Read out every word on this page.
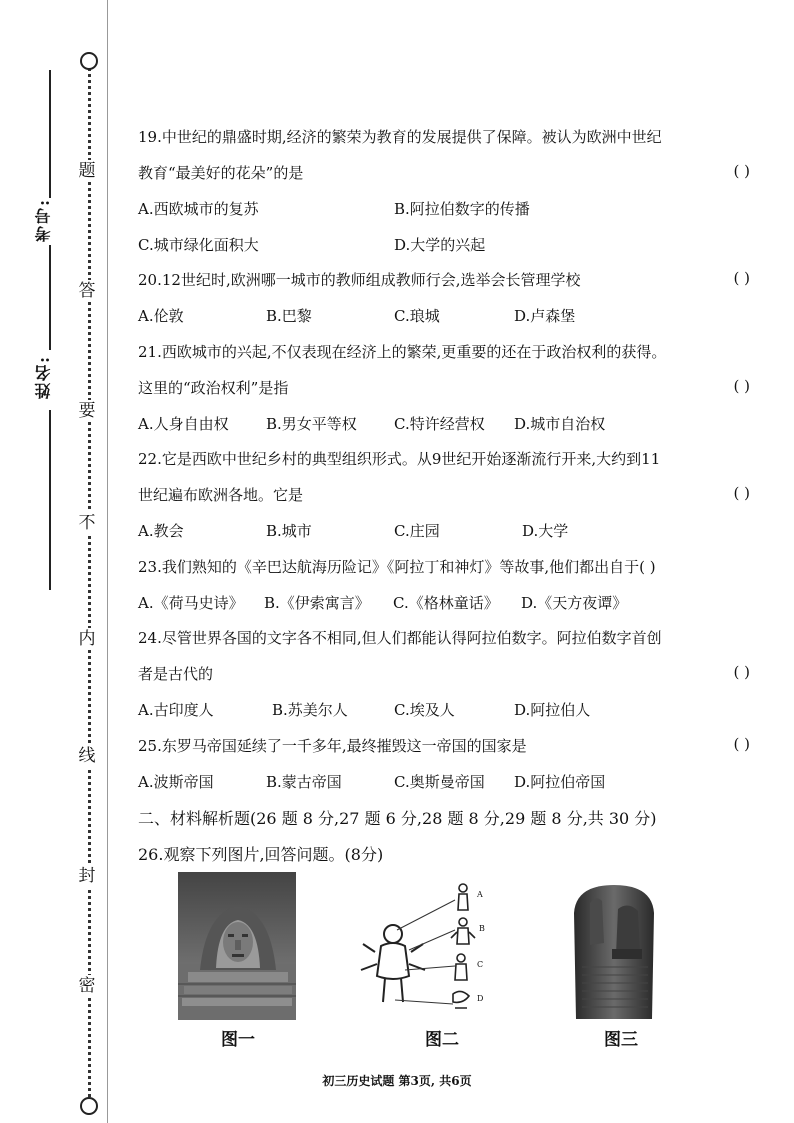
题
答
要
不
内
线
封
密
考号:
姓名:
19.中世纪的鼎盛时期,经济的繁荣为教育的发展提供了保障。被认为欧洲中世纪
教育“最美好的花朵”的是	( )
A.西欧城市的复苏	B.阿拉伯数字的传播
C.城市绿化面积大	D.大学的兴起
20.12世纪时,欧洲哪一城市的教师组成教师行会,选举会长管理学校	( )
A.伦敦	B.巴黎	C.琅城	D.卢森堡
21.西欧城市的兴起,不仅表现在经济上的繁荣,更重要的还在于政治权利的获得。
这里的“政治权利”是指	( )
A.人身自由权 B.男女平等权 C.特许经营权 D.城市自治权
22.它是西欧中世纪乡村的典型组织形式。从9世纪开始逐渐流行开来,大约到11
世纪遍布欧洲各地。它是	( )
A.教会	B.城市	C.庄园	D.大学
23.我们熟知的《辛巴达航海历险记》《阿拉丁和神灯》等故事,他们都出自于( )
A.《荷马史诗》 B.《伊索寓言》 C.《格林童话》 D.《天方夜谭》
24.尽管世界各国的文字各不相同,但人们都能认得阿拉伯数字。阿拉伯数字首创
者是古代的	( )
A.古印度人	B.苏美尔人	C.埃及人	D.阿拉伯人
25.东罗马帝国延续了一千多年,最终摧毁这一帝国的国家是	( )
A.波斯帝国	B.蒙古帝国	C.奥斯曼帝国 D.阿拉伯帝国
二、材料解析题(26 题 8 分,27 题 6 分,28 题 8 分,29 题 8 分,共 30 分)
26.观察下列图片,回答问题。(8分)
图一
A
B
C
D
图二	图三
初三历史试题 第3页, 共6页
